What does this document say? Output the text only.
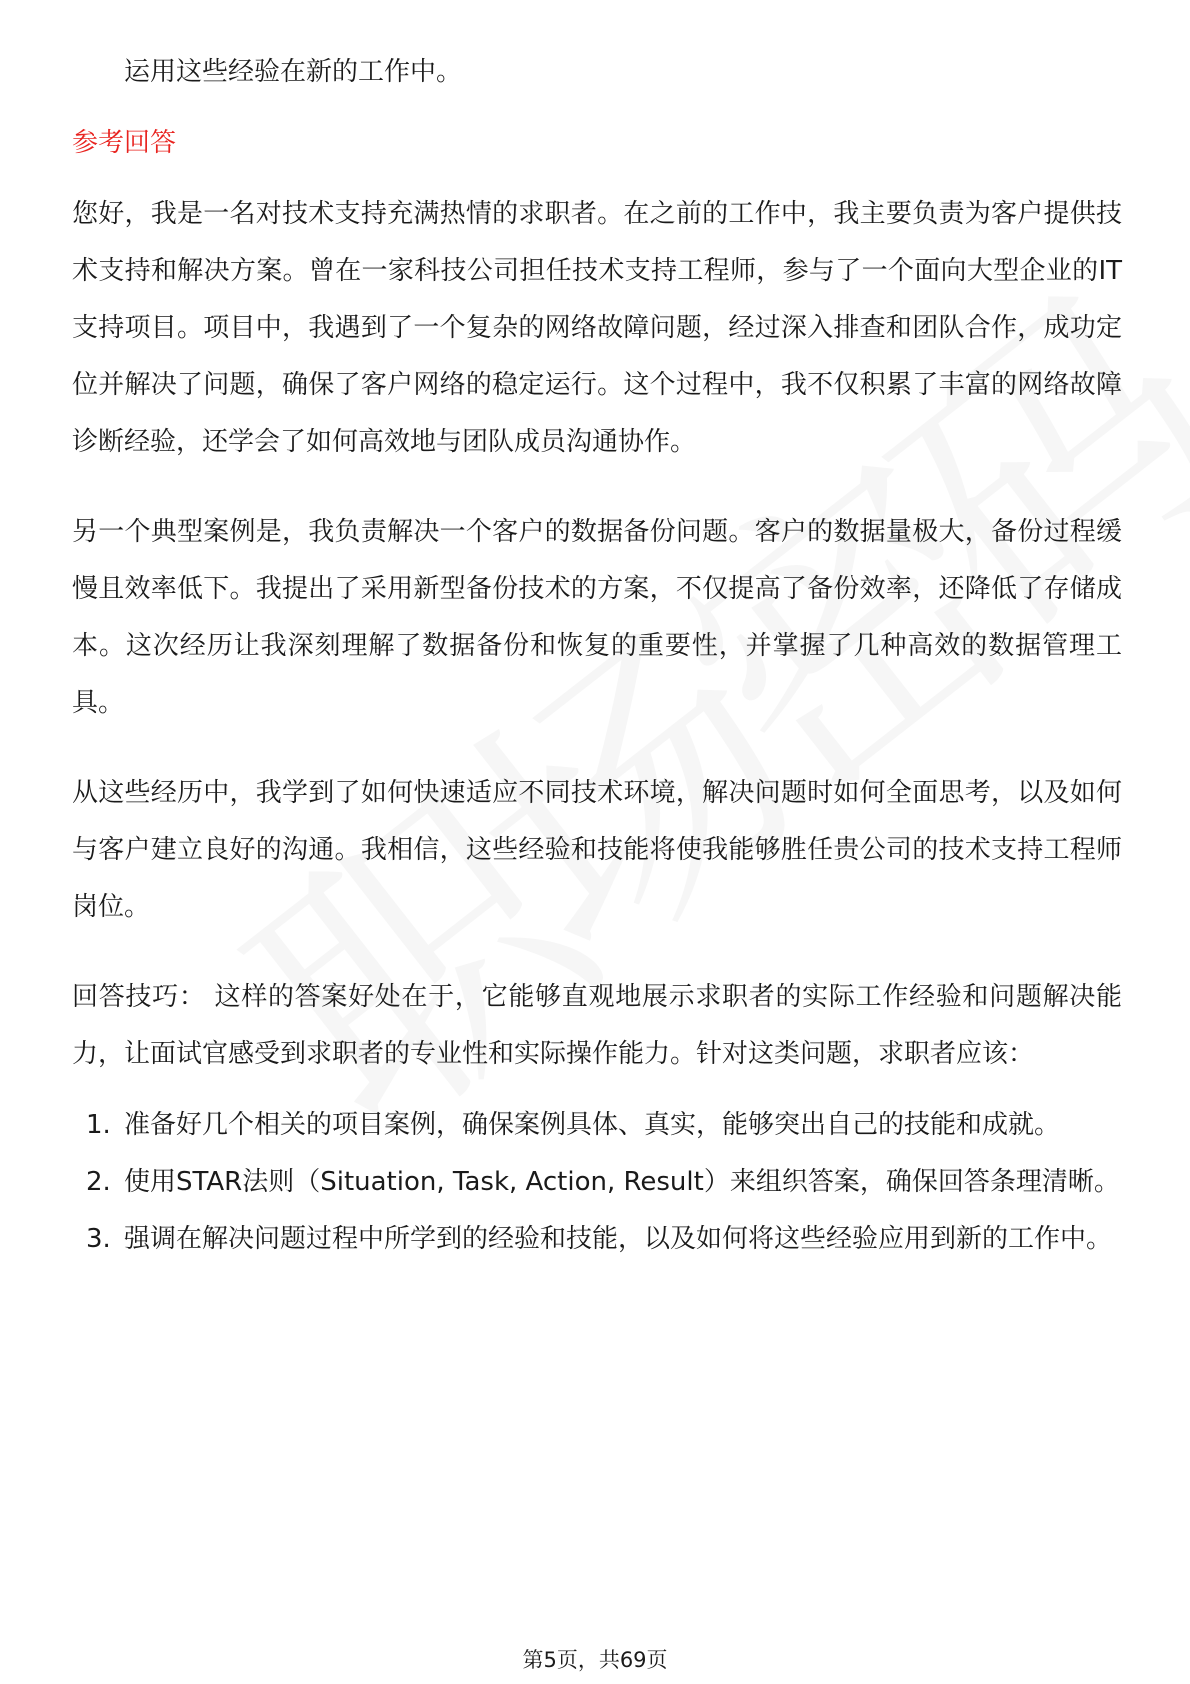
运用这些经验在新的工作中。

参考回答

您好，我是一名对技术支持充满热情的求职者。在之前的工作中，我主要负责为客户提供技术支持和解决方案。曾在一家科技公司担任技术支持工程师，参与了一个面向大型企业的IT支持项目。项目中，我遇到了一个复杂的网络故障问题，经过深入排查和团队合作，成功定位并解决了问题，确保了客户网络的稳定运行。这个过程中，我不仅积累了丰富的网络故障诊断经验，还学会了如何高效地与团队成员沟通协作。

另一个典型案例是，我负责解决一个客户的数据备份问题。客户的数据量极大，备份过程缓慢且效率低下。我提出了采用新型备份技术的方案，不仅提高了备份效率，还降低了存储成本。这次经历让我深刻理解了数据备份和恢复的重要性，并掌握了几种高效的数据管理工具。

从这些经历中，我学到了如何快速适应不同技术环境，解决问题时如何全面思考，以及如何与客户建立良好的沟通。我相信，这些经验和技能将使我能够胜任贵公司的技术支持工程师岗位。

回答技巧： 这样的答案好处在于，它能够直观地展示求职者的实际工作经验和问题解决能力，让面试官感受到求职者的专业性和实际操作能力。针对这类问题，求职者应该：

1. 准备好几个相关的项目案例，确保案例具体、真实，能够突出自己的技能和成就。
2. 使用STAR法则（Situation, Task, Action, Result）来组织答案，确保回答条理清晰。
3. 强调在解决问题过程中所学到的经验和技能，以及如何将这些经验应用到新的工作中。
第5页，共69页
